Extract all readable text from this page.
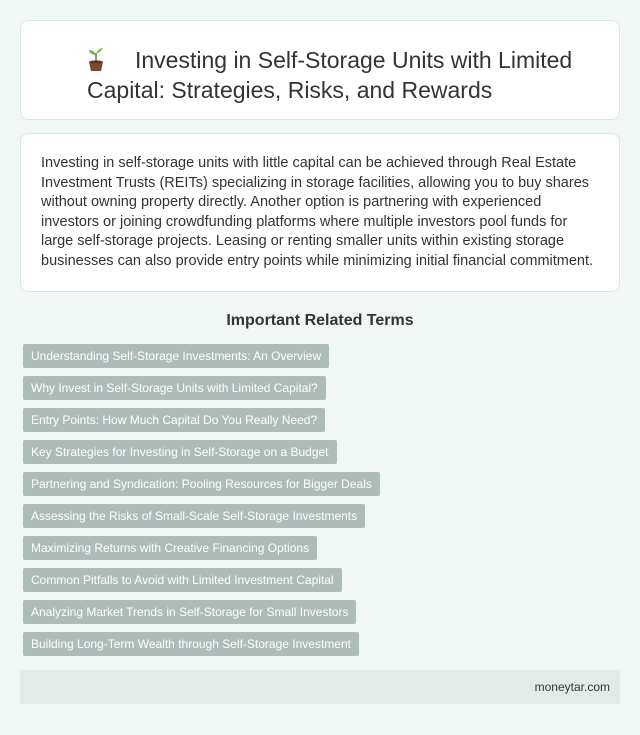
Investing in Self-Storage Units with Limited Capital: Strategies, Risks, and Rewards

Investing in self-storage units with little capital can be achieved through Real Estate Investment Trusts (REITs) specializing in storage facilities, allowing you to buy shares without owning property directly. Another option is partnering with experienced investors or joining crowdfunding platforms where multiple investors pool funds for large self-storage projects. Leasing or renting smaller units within existing storage businesses can also provide entry points while minimizing initial financial commitment.

Important Related Terms
Understanding Self-Storage Investments: An Overview
Why Invest in Self-Storage Units with Limited Capital?
Entry Points: How Much Capital Do You Really Need?
Key Strategies for Investing in Self-Storage on a Budget
Partnering and Syndication: Pooling Resources for Bigger Deals
Assessing the Risks of Small-Scale Self-Storage Investments
Maximizing Returns with Creative Financing Options
Common Pitfalls to Avoid with Limited Investment Capital
Analyzing Market Trends in Self-Storage for Small Investors
Building Long-Term Wealth through Self-Storage Investment
moneytar.com
